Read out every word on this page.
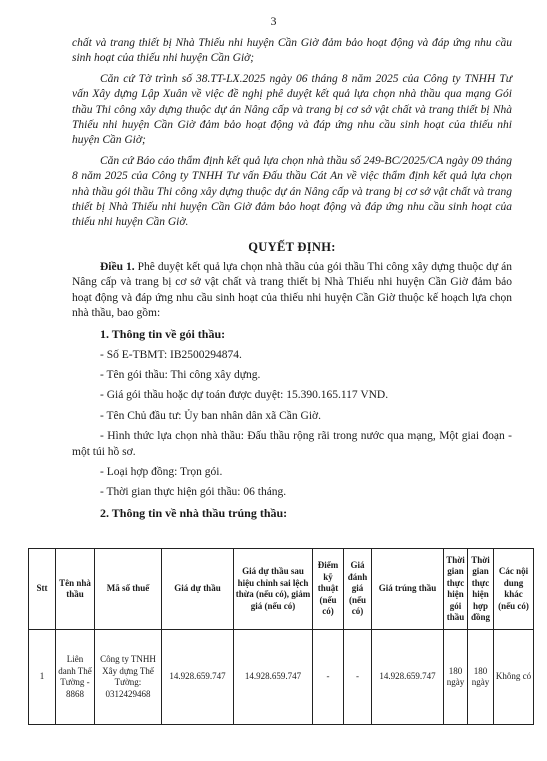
3

chất và trang thiết bị Nhà Thiếu nhi huyện Cần Giờ đảm bảo hoạt động và đáp ứng nhu cầu sinh hoạt của thiếu nhi huyện Cần Giờ;

Căn cứ Tờ trình số 38.TT-LX.2025 ngày 06 tháng 8 năm 2025 của Công ty TNHH Tư vấn Xây dựng Lập Xuân về việc đề nghị phê duyệt kết quả lựa chọn nhà thầu qua mạng Gói thầu Thi công xây dựng thuộc dự án Nâng cấp và trang bị cơ sở vật chất và trang thiết bị Nhà Thiếu nhi huyện Cần Giờ đảm bảo hoạt động và đáp ứng nhu cầu sinh hoạt của thiếu nhi huyện Cần Giờ;

Căn cứ Báo cáo thẩm định kết quả lựa chọn nhà thầu số 249-BC/2025/CA ngày 09 tháng 8 năm 2025 của Công ty TNHH Tư vấn Đấu thầu Cát An về việc thẩm định kết quả lựa chọn nhà thầu gói thầu Thi công xây dựng thuộc dự án Nâng cấp và trang bị cơ sở vật chất và trang thiết bị Nhà Thiếu nhi huyện Cần Giờ đảm bảo hoạt động và đáp ứng nhu cầu sinh hoạt của thiếu nhi huyện Cần Giờ.

QUYẾT ĐỊNH:

Điều 1. Phê duyệt kết quả lựa chọn nhà thầu của gói thầu Thi công xây dựng thuộc dự án Nâng cấp và trang bị cơ sở vật chất và trang thiết bị Nhà Thiếu nhi huyện Cần Giờ đảm bảo hoạt động và đáp ứng nhu cầu sinh hoạt của thiếu nhi huyện Cần Giờ thuộc kế hoạch lựa chọn nhà thầu, bao gồm:

1. Thông tin về gói thầu:
- Số E-TBMT: IB2500294874.
- Tên gói thầu: Thi công xây dựng.
- Giá gói thầu hoặc dự toán được duyệt: 15.390.165.117 VND.
- Tên Chủ đầu tư: Ủy ban nhân dân xã Cần Giờ.
- Hình thức lựa chọn nhà thầu: Đấu thầu rộng rãi trong nước qua mạng, Một giai đoạn - một túi hồ sơ.
- Loại hợp đồng: Trọn gói.
- Thời gian thực hiện gói thầu: 06 tháng.
2. Thông tin về nhà thầu trúng thầu:
Stt	Tên nhà thầu	Mã số thuế	Giá dự thầu	Giá dự thầu sau hiệu chỉnh sai lệch thừa (nếu có), giảm giá (nếu có)	Điểm kỹ thuật (nếu có)	Giá đánh giá (nếu có)	Giá trúng thầu	Thời gian thực hiện gói thầu	Thời gian thực hiện hợp đồng	Các nội dung khác (nếu có)
1	Liên danh Thế Tường - 8868	Công ty TNHH Xây dựng Thế Tường: 0312429468	14.928.659.747	14.928.659.747	-	-	14.928.659.747	180 ngày	180 ngày	Không có
